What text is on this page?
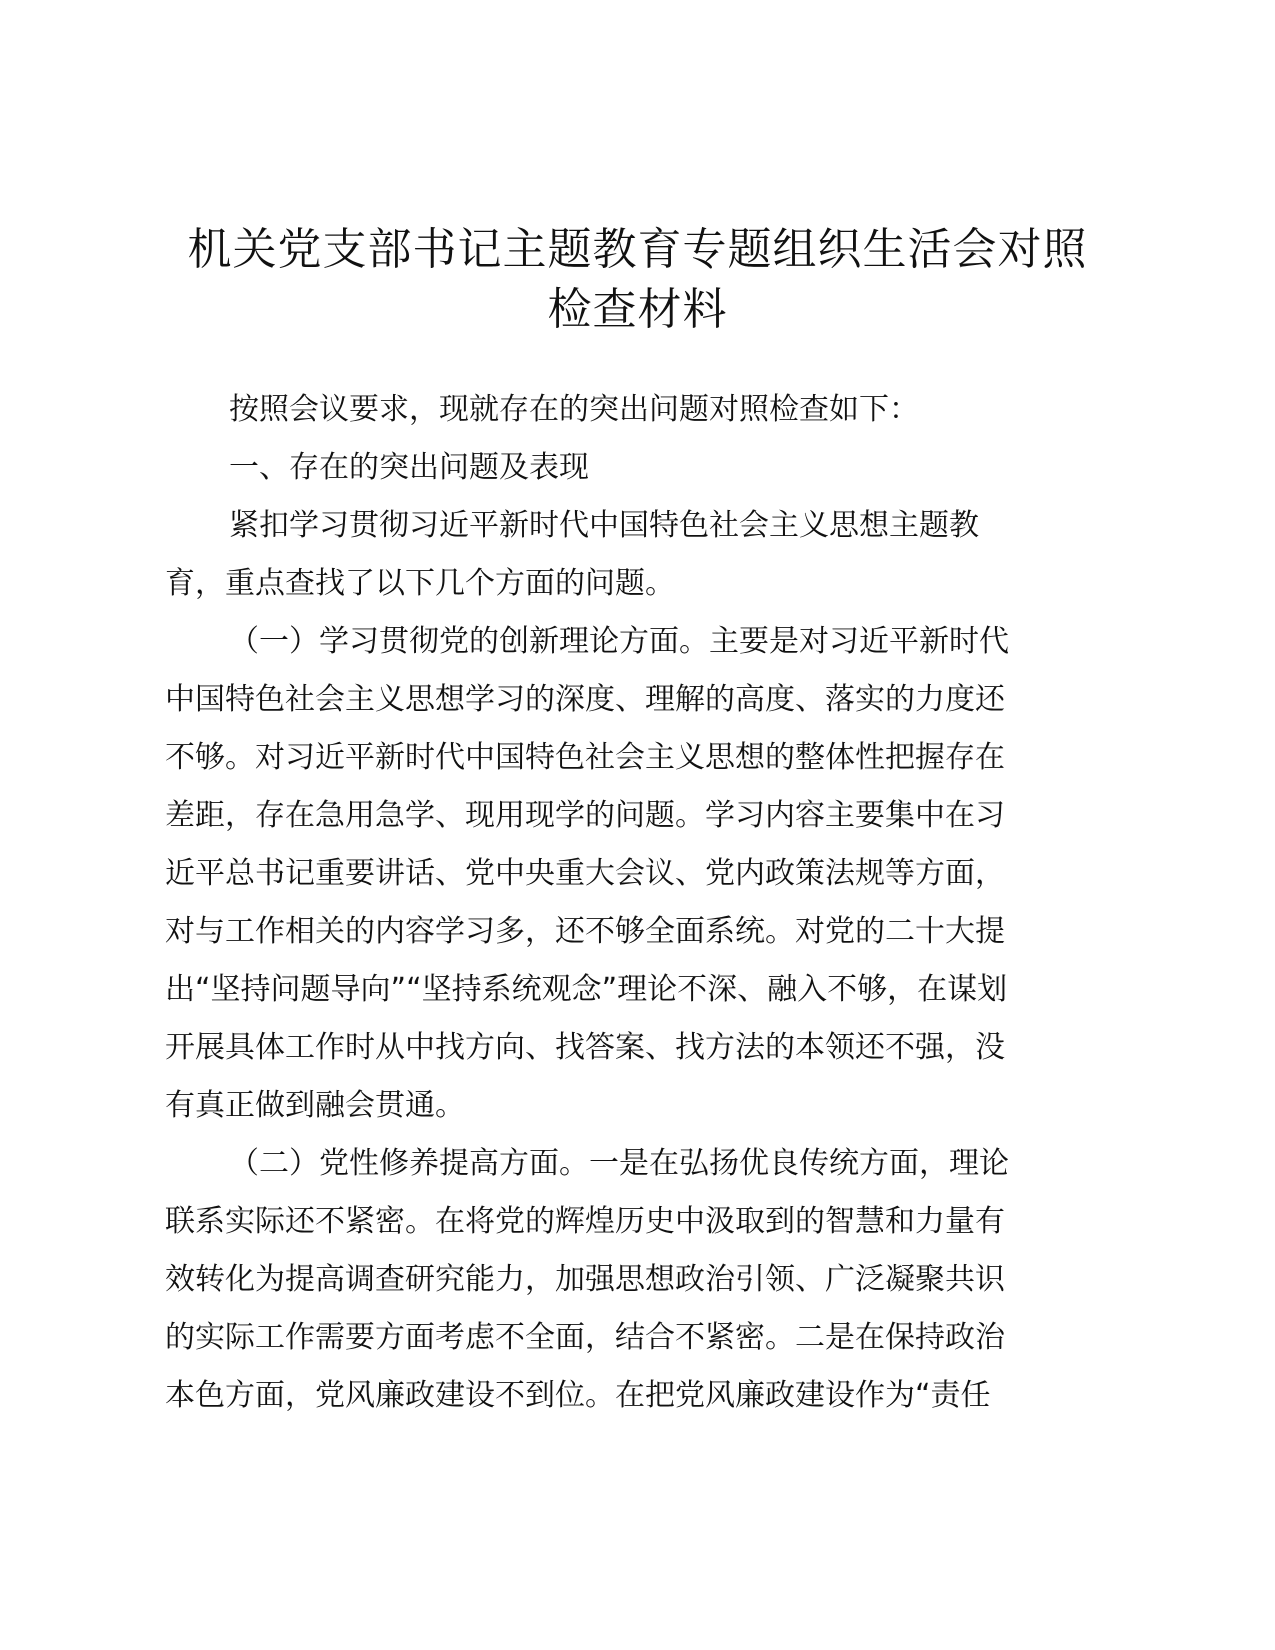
机关党支部书记主题教育专题组织生活会对照
检查材料

按照会议要求，现就存在的突出问题对照检查如下：

一、存在的突出问题及表现

紧扣学习贯彻习近平新时代中国特色社会主义思想主题教
育，重点查找了以下几个方面的问题。

（一）学习贯彻党的创新理论方面。主要是对习近平新时代
中国特色社会主义思想学习的深度、理解的高度、落实的力度还
不够。对习近平新时代中国特色社会主义思想的整体性把握存在
差距，存在急用急学、现用现学的问题。学习内容主要集中在习
近平总书记重要讲话、党中央重大会议、党内政策法规等方面，
对与工作相关的内容学习多，还不够全面系统。对党的二十大提
出“坚持问题导向”“坚持系统观念”理论不深、融入不够，在谋划
开展具体工作时从中找方向、找答案、找方法的本领还不强，没
有真正做到融会贯通。

（二）党性修养提高方面。一是在弘扬优良传统方面，理论
联系实际还不紧密。在将党的辉煌历史中汲取到的智慧和力量有
效转化为提高调查研究能力，加强思想政治引领、广泛凝聚共识
的实际工作需要方面考虑不全面，结合不紧密。二是在保持政治
本色方面，党风廉政建设不到位。在把党风廉政建设作为“责任
